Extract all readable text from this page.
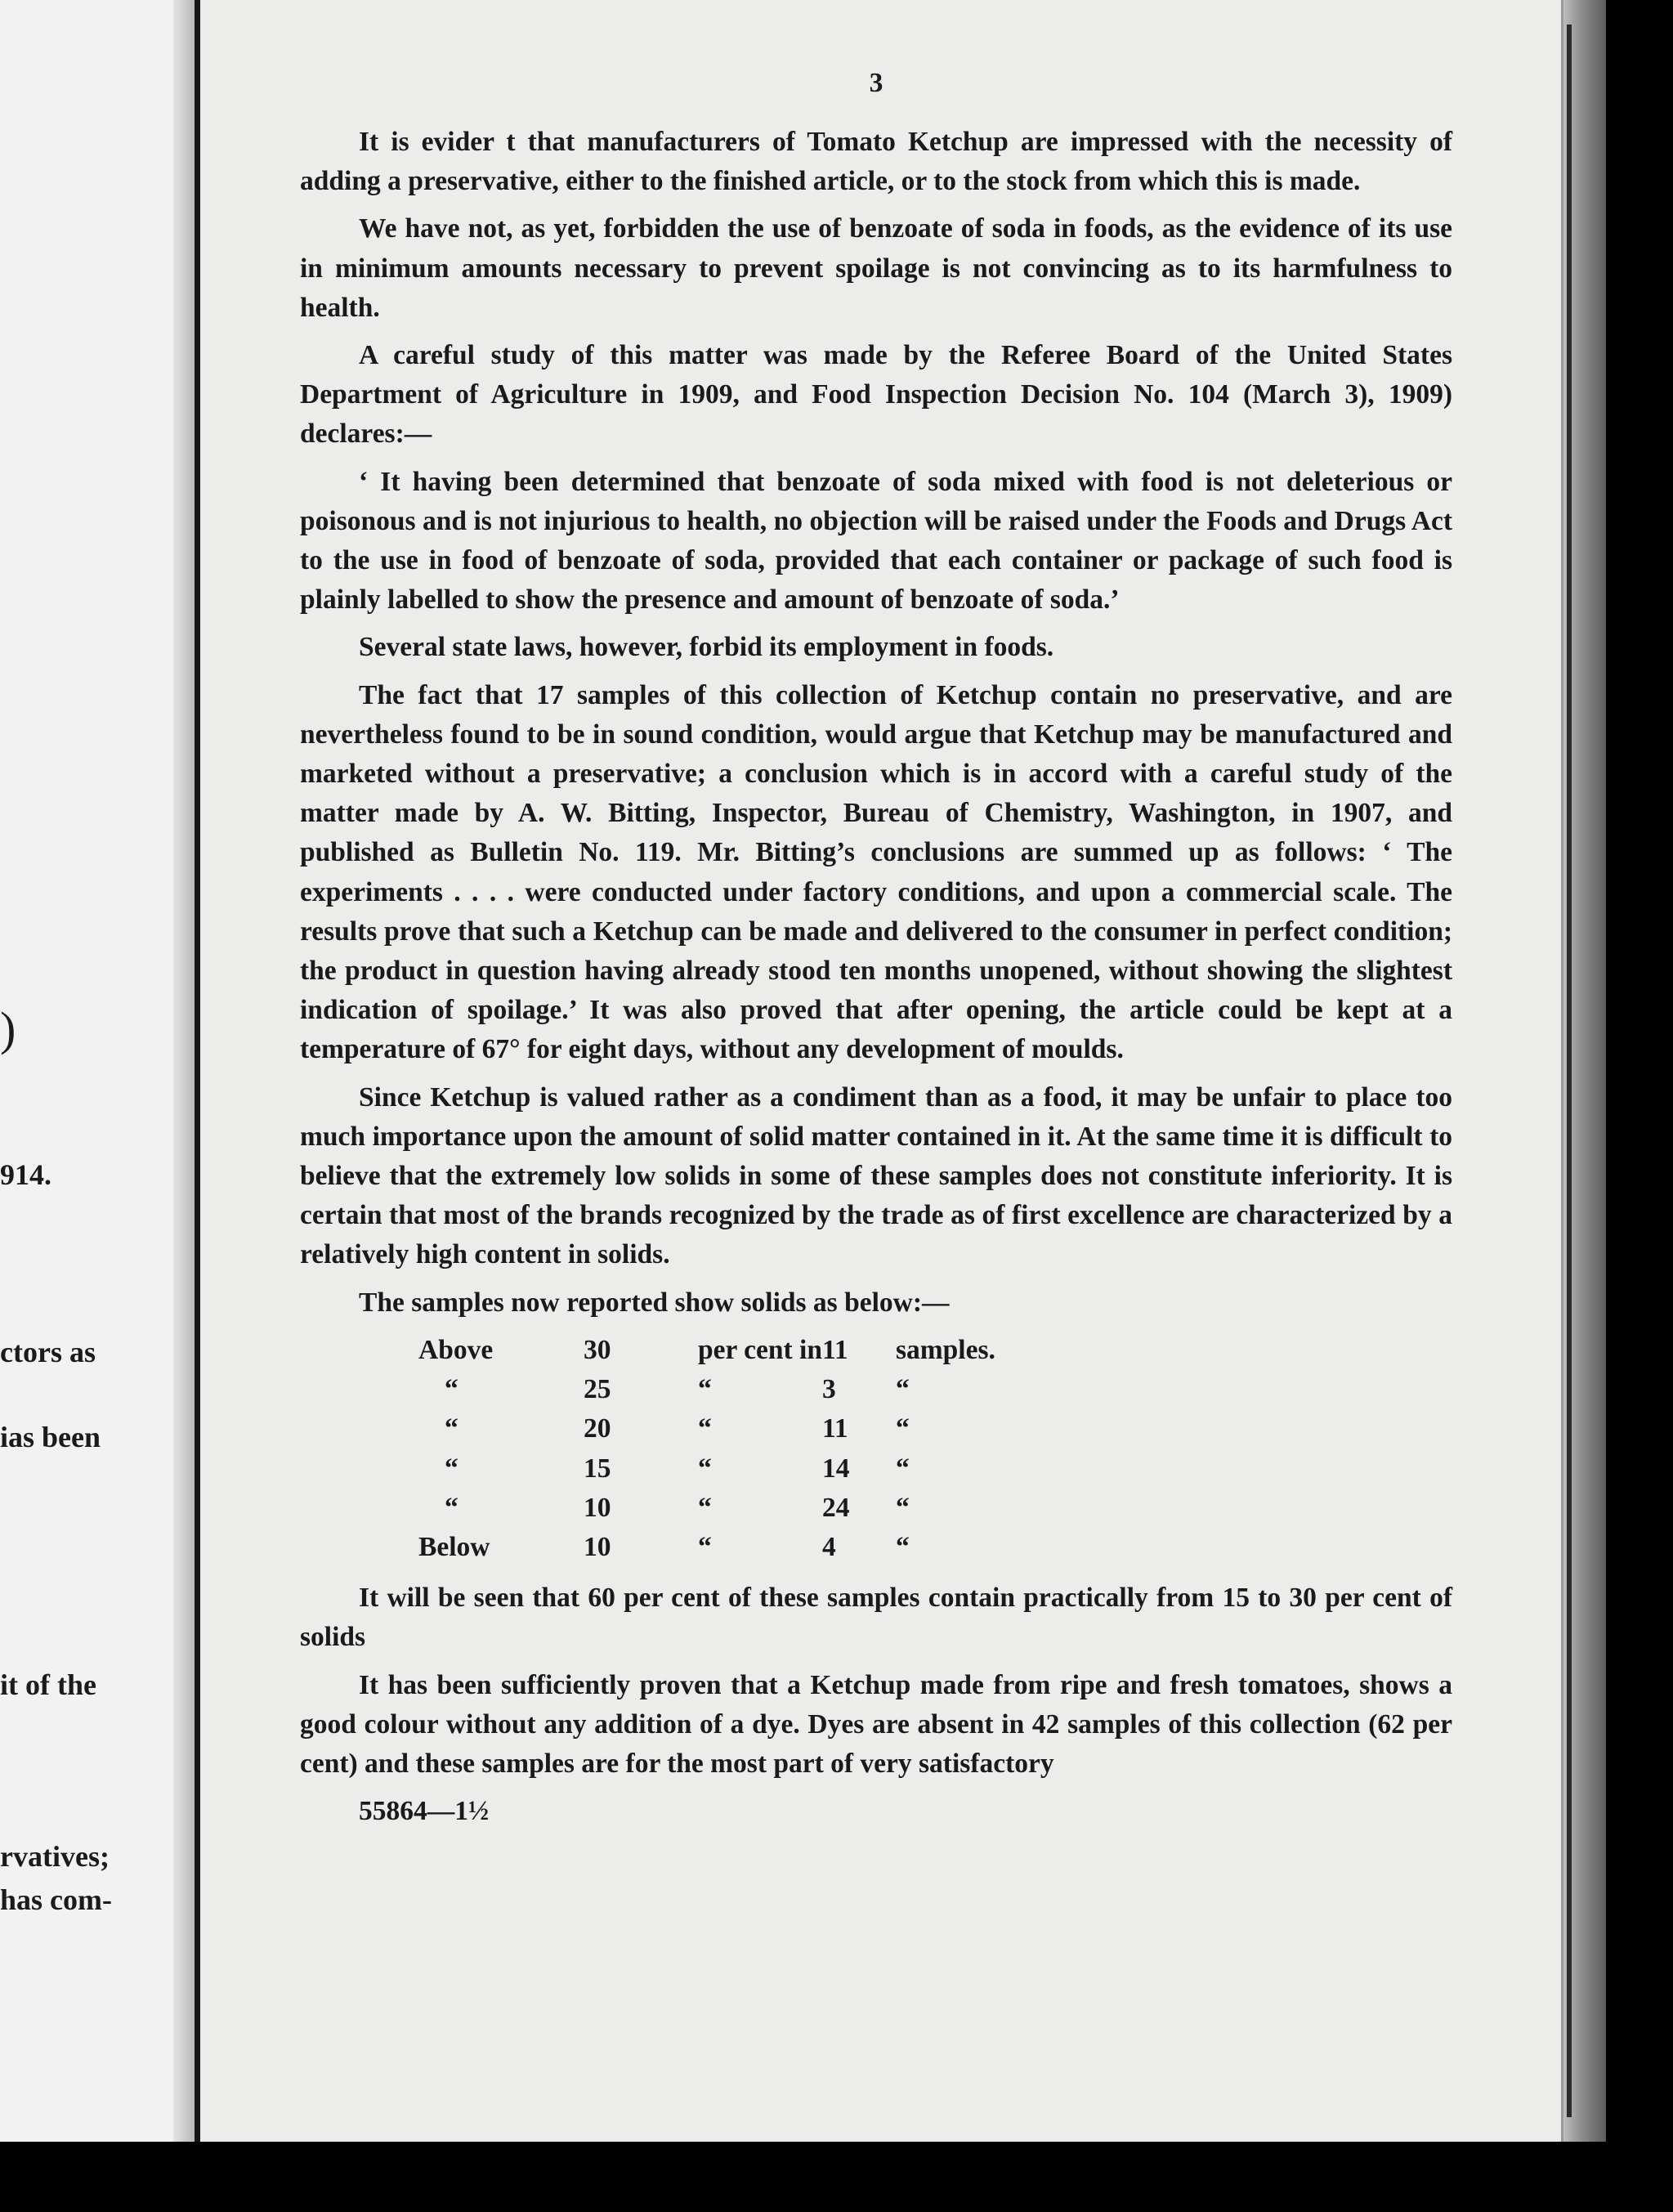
)
914.
ctors as
ias been
it of the
rvatives;
has com-
3

It is evider t that manufacturers of Tomato Ketchup are impressed with the necessity of adding a preservative, either to the finished article, or to the stock from which this is made.

We have not, as yet, forbidden the use of benzoate of soda in foods, as the evidence of its use in minimum amounts necessary to prevent spoilage is not convincing as to its harmfulness to health.

A careful study of this matter was made by the Referee Board of the United States Department of Agriculture in 1909, and Food Inspection Decision No. 104 (March 3), 1909) declares:—

‘ It having been determined that benzoate of soda mixed with food is not deleterious or poisonous and is not injurious to health, no objection will be raised under the Foods and Drugs Act to the use in food of benzoate of soda, provided that each container or package of such food is plainly labelled to show the presence and amount of benzoate of soda.’

Several state laws, however, forbid its employment in foods.

The fact that 17 samples of this collection of Ketchup contain no preservative, and are nevertheless found to be in sound condition, would argue that Ketchup may be manufactured and marketed without a preservative; a conclusion which is in accord with a careful study of the matter made by A. W. Bitting, Inspector, Bureau of Chemistry, Washington, in 1907, and published as Bulletin No. 119. Mr. Bitting’s conclusions are summed up as follows: ‘ The experiments . . . . were conducted under factory conditions, and upon a commercial scale. The results prove that such a Ketchup can be made and delivered to the consumer in perfect condition; the product in question having already stood ten months unopened, without showing the slightest indication of spoilage.’ It was also proved that after opening, the article could be kept at a temperature of 67° for eight days, without any development of moulds.

Since Ketchup is valued rather as a condiment than as a food, it may be unfair to place too much importance upon the amount of solid matter contained in it. At the same time it is difficult to believe that the extremely low solids in some of these samples does not constitute inferiority. It is certain that most of the brands recognized by the trade as of first excellence are characterized by a relatively high content in solids.

The samples now reported show solids as below:—

Above	30	per cent in	11	samples.
“	25	“	3	“
“	20	“	11	“
“	15	“	14	“
“	10	“	24	“
Below	10	“	4	“

It will be seen that 60 per cent of these samples contain practically from 15 to 30 per cent of solids

It has been sufficiently proven that a Ketchup made from ripe and fresh tomatoes, shows a good colour without any addition of a dye. Dyes are absent in 42 samples of this collection (62 per cent) and these samples are for the most part of very satisfactory

55864—1½
